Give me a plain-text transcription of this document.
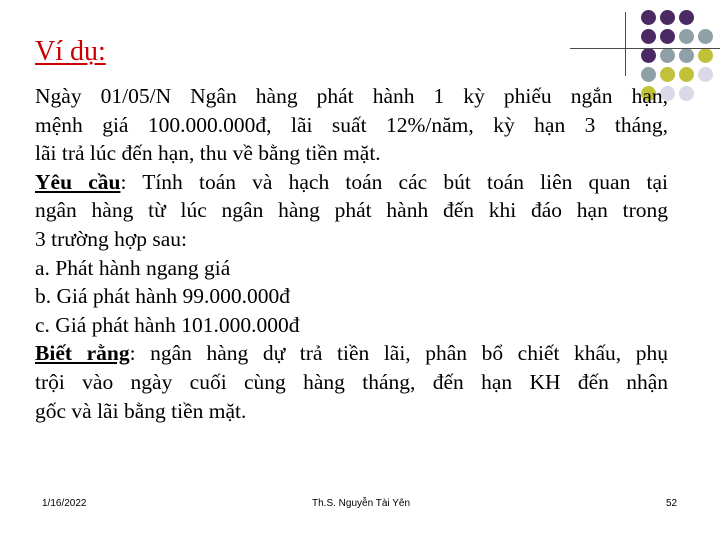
Ví dụ:

Ngày 01/05/N Ngân hàng phát hành 1 kỳ phiếu ngắn hạn,

mệnh giá 100.000.000đ, lãi suất 12%/năm, kỳ hạn 3 tháng,

lãi trả lúc đến hạn, thu về bằng tiền mặt.

Yêu cầu: Tính toán và hạch toán các bút toán liên quan tại

ngân hàng từ lúc ngân hàng phát hành đến khi đáo hạn trong

3 trường hợp sau:

a. Phát hành ngang giá

b. Giá phát hành 99.000.000đ

c. Giá phát hành 101.000.000đ

Biết rằng: ngân hàng dự trả tiền lãi, phân bổ chiết khấu, phụ

trội vào ngày cuối cùng hàng tháng, đến hạn KH đến nhận

gốc và lãi bằng tiền mặt.

1/16/2022	Th.S. Nguyễn Tài Yên	52
